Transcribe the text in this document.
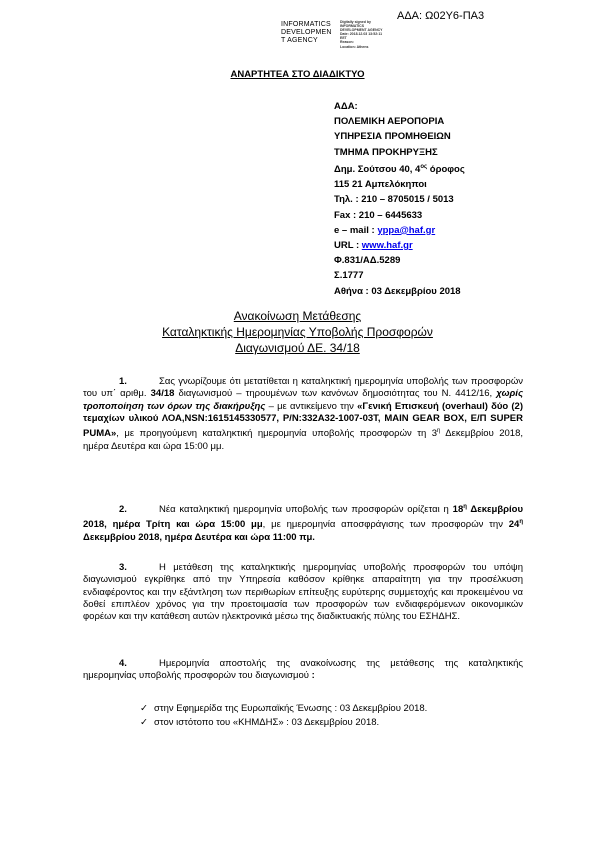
ΑΔΑ: Ω02Υ6-ΠΑ3
INFORMATICS
DEVELOPMEN
T AGENCY
Digitally signed by
INFORMATICS
DEVELOPMENT AGENCY
Date: 2018.12.03 13:52:11
EET
Reason:
Location: Athens
ΑΝΑΡΤΗΤΕΑ ΣΤΟ ΔΙΑΔΙΚΤΥΟ
ΑΔΑ:
ΠΟΛΕΜΙΚΗ ΑΕΡΟΠΟΡΙΑ
ΥΠΗΡΕΣΙΑ ΠΡΟΜΗΘΕΙΩΝ
ΤΜΗΜΑ ΠΡΟΚΗΡΥΞΗΣ
Δημ. Σούτσου 40, $4^{o\varsigma}$ όροφος
115 21 Αμπελόκηποι
Τηλ. : 210 – 8705015 / 5013
Fax : 210 – 6445633
e – mail : yppa@haf.gr
URL : www.haf.gr
Φ.831/ΑΔ.5289
Σ.1777
Αθήνα : 03 Δεκεμβρίου 2018
Ανακοίνωση Μετάθεσης
Καταληκτικής Ημερομηνίας Υποβολής Προσφορών
Διαγωνισμού ΔΕ. 34/18
1.	Σας γνωρίζουμε ότι μετατίθεται η καταληκτική ημερομηνία υποβολής των προσφορών του υπ΄ αριθμ. 34/18 διαγωνισμού – τηρουμένων των κανόνων δημοσιότητας του Ν. 4412/16, χωρίς τροποποίηση των όρων της διακήρυξης – με αντικείμενο την «Γενική Επισκευή (overhaul) δύο (2) τεμαχίων υλικού ΛΟΑ,NSN:1615145330577, P/N:332A32-1007-03T, MAIN GEAR BOX, Ε/Π SUPER PUMA», με προηγούμενη καταληκτική ημερομηνία υποβολής προσφορών τη $3^\eta$ Δεκεμβρίου 2018, ημέρα Δευτέρα και ώρα 15:00 μμ.
2.	Νέα καταληκτική ημερομηνία υποβολής των προσφορών ορίζεται η $18^\eta$ Δεκεμβρίου 2018, ημέρα Τρίτη και ώρα 15:00 μμ, με ημερομηνία αποσφράγισης των προσφορών την $24^\eta$ Δεκεμβρίου 2018, ημέρα Δευτέρα και ώρα 11:00 πμ.
3.	Η μετάθεση της καταληκτικής ημερομηνίας υποβολής προσφορών του υπόψη διαγωνισμού εγκρίθηκε από την Υπηρεσία καθόσον κρίθηκε απαραίτητη για την προσέλκυση ενδιαφέροντος και την εξάντληση των περιθωρίων επίτευξης ευρύτερης συμμετοχής και προκειμένου να δοθεί επιπλέον χρόνος για την προετοιμασία των προσφορών των ενδιαφερόμενων οικονομικών φορέων και την κατάθεση αυτών ηλεκτρονικά μέσω της διαδικτυακής πύλης του ΕΣΗΔΗΣ.
4.	Ημερομηνία αποστολής της ανακοίνωσης της μετάθεσης της καταληκτικής ημερομηνίας υποβολής προσφορών του διαγωνισμού :
✓ στην Εφημερίδα της Ευρωπαϊκής Ένωσης : 03 Δεκεμβρίου 2018.
✓ στον ιστότοπο του «ΚΗΜΔΗΣ» : 03 Δεκεμβρίου 2018.
